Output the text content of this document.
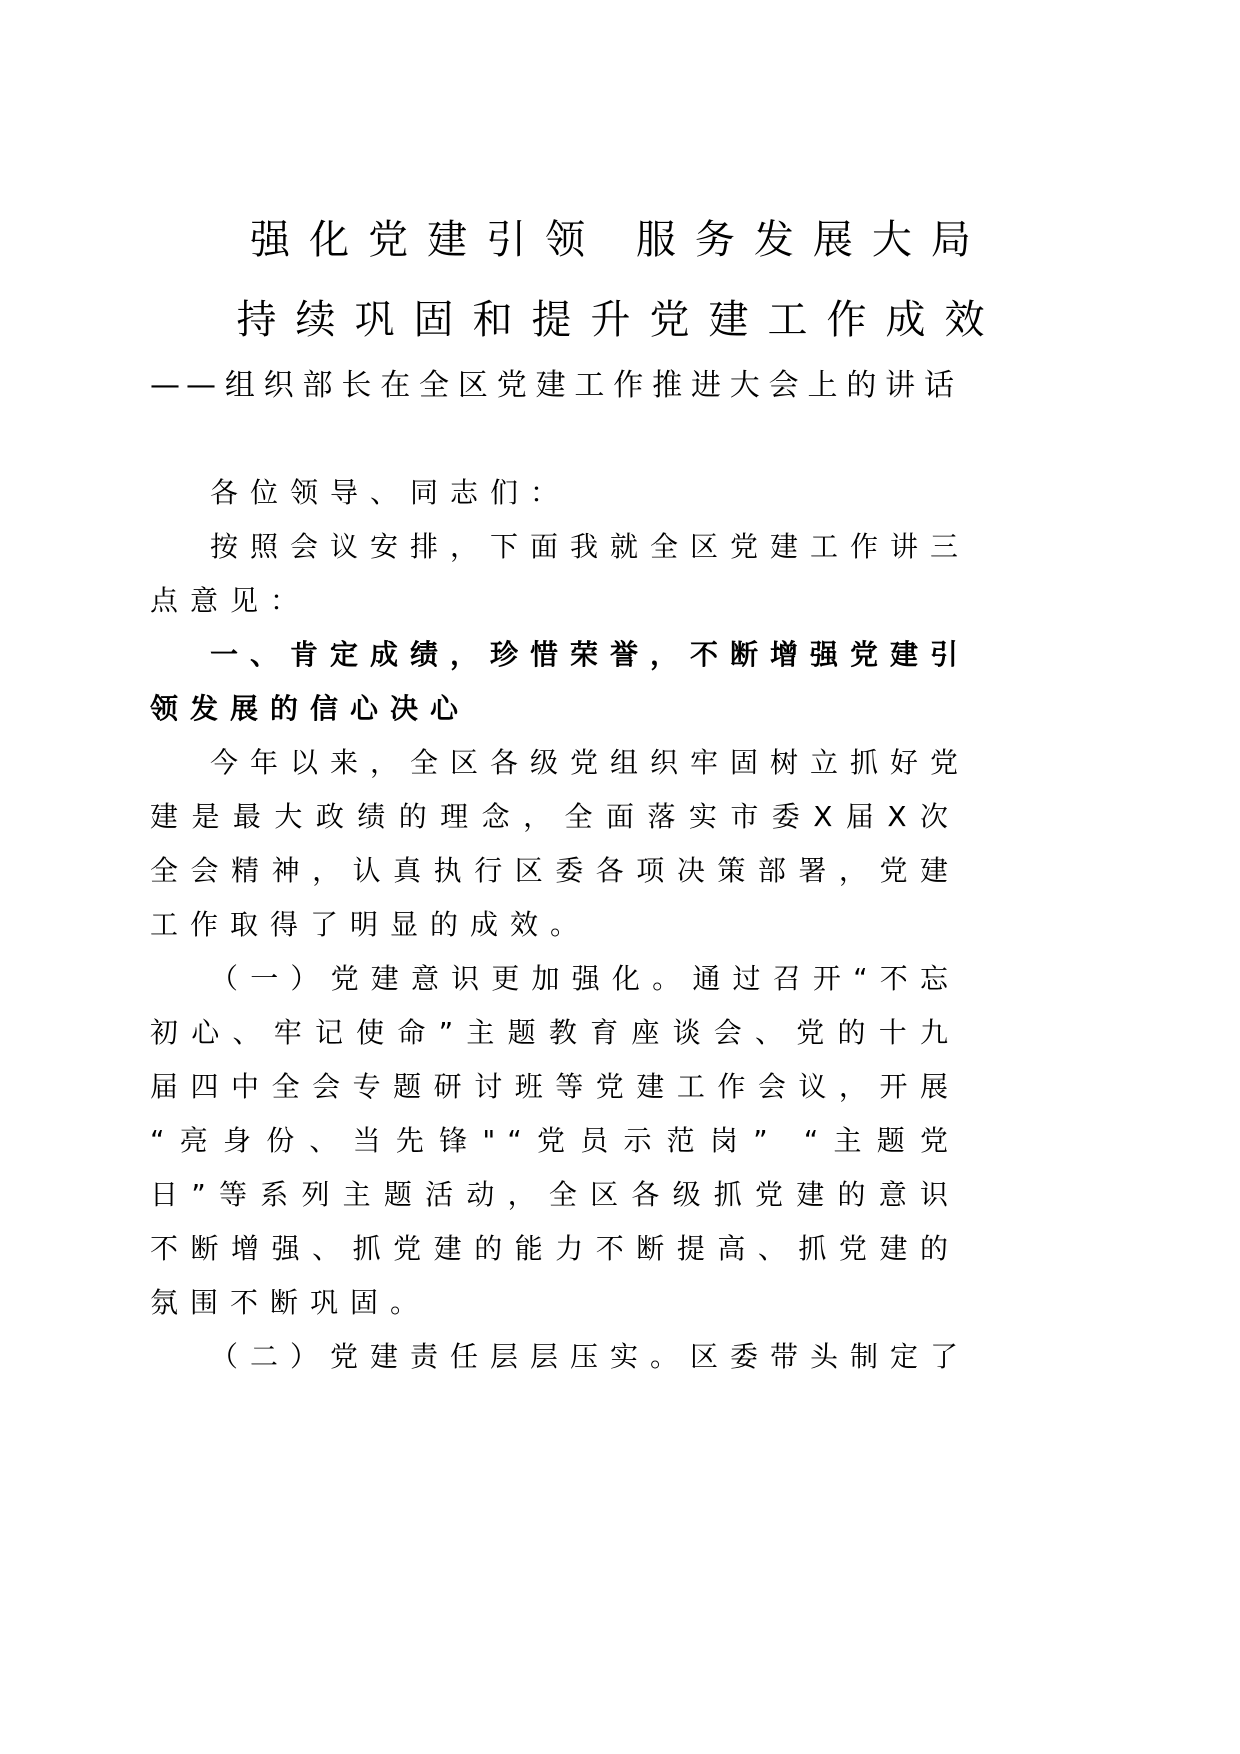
强化党建引领 服务发展大局
持续巩固和提升党建工作成效
——组织部长在全区党建工作推进大会上的讲话
各位领导、同志们：
按照会议安排，下面我就全区党建工作讲三
点意见：
一、肯定成绩，珍惜荣誉，不断增强党建引
领发展的信心决心
今年以来，全区各级党组织牢固树立抓好党
建是最大政绩的理念，全面落实市委X届X次
全会精神，认真执行区委各项决策部署，党建
工作取得了明显的成效。
（一）党建意识更加强化。通过召开“不忘
初心、牢记使命”主题教育座谈会、党的十九
届四中全会专题研讨班等党建工作会议，开展
“亮身份、当先锋"“党员示范岗” “主题党
日”等系列主题活动，全区各级抓党建的意识
不断增强、抓党建的能力不断提高、抓党建的
氛围不断巩固。
（二）党建责任层层压实。区委带头制定了
